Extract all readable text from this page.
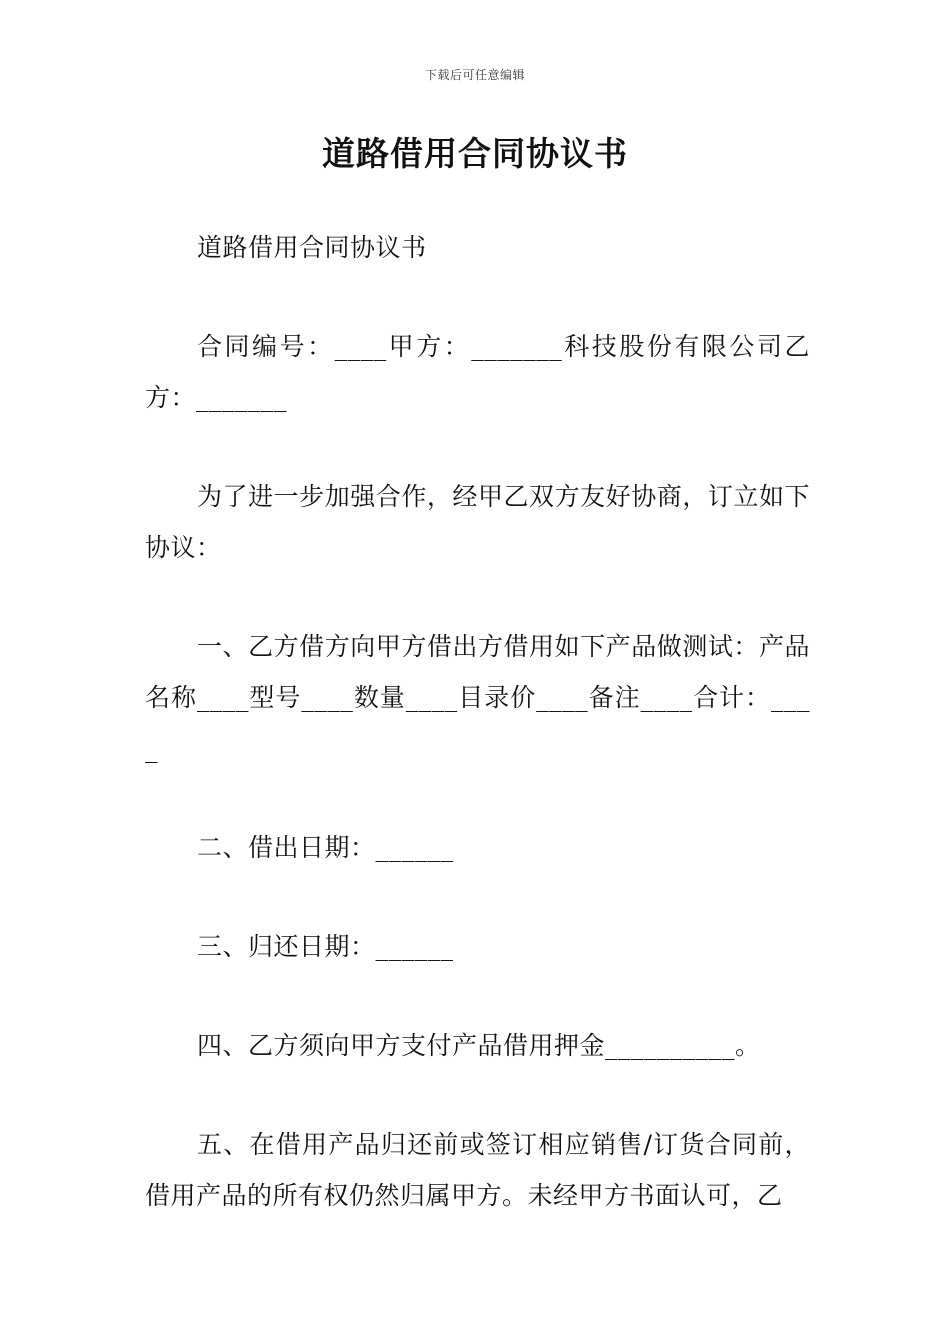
下载后可任意编辑
道路借用合同协议书

道路借用合同协议书

合同编号：____甲方：_______科技股份有限公司乙方：_______

为了进一步加强合作，经甲乙双方友好协商，订立如下协议：

一、乙方借方向甲方借出方借用如下产品做测试：产品名称____型号____数量____目录价____备注____合计：____

二、借出日期：______

三、归还日期：______

四、乙方须向甲方支付产品借用押金__________。

五、在借用产品归还前或签订相应销售/订货合同前，借用产品的所有权仍然归属甲方。未经甲方书面认可，乙
